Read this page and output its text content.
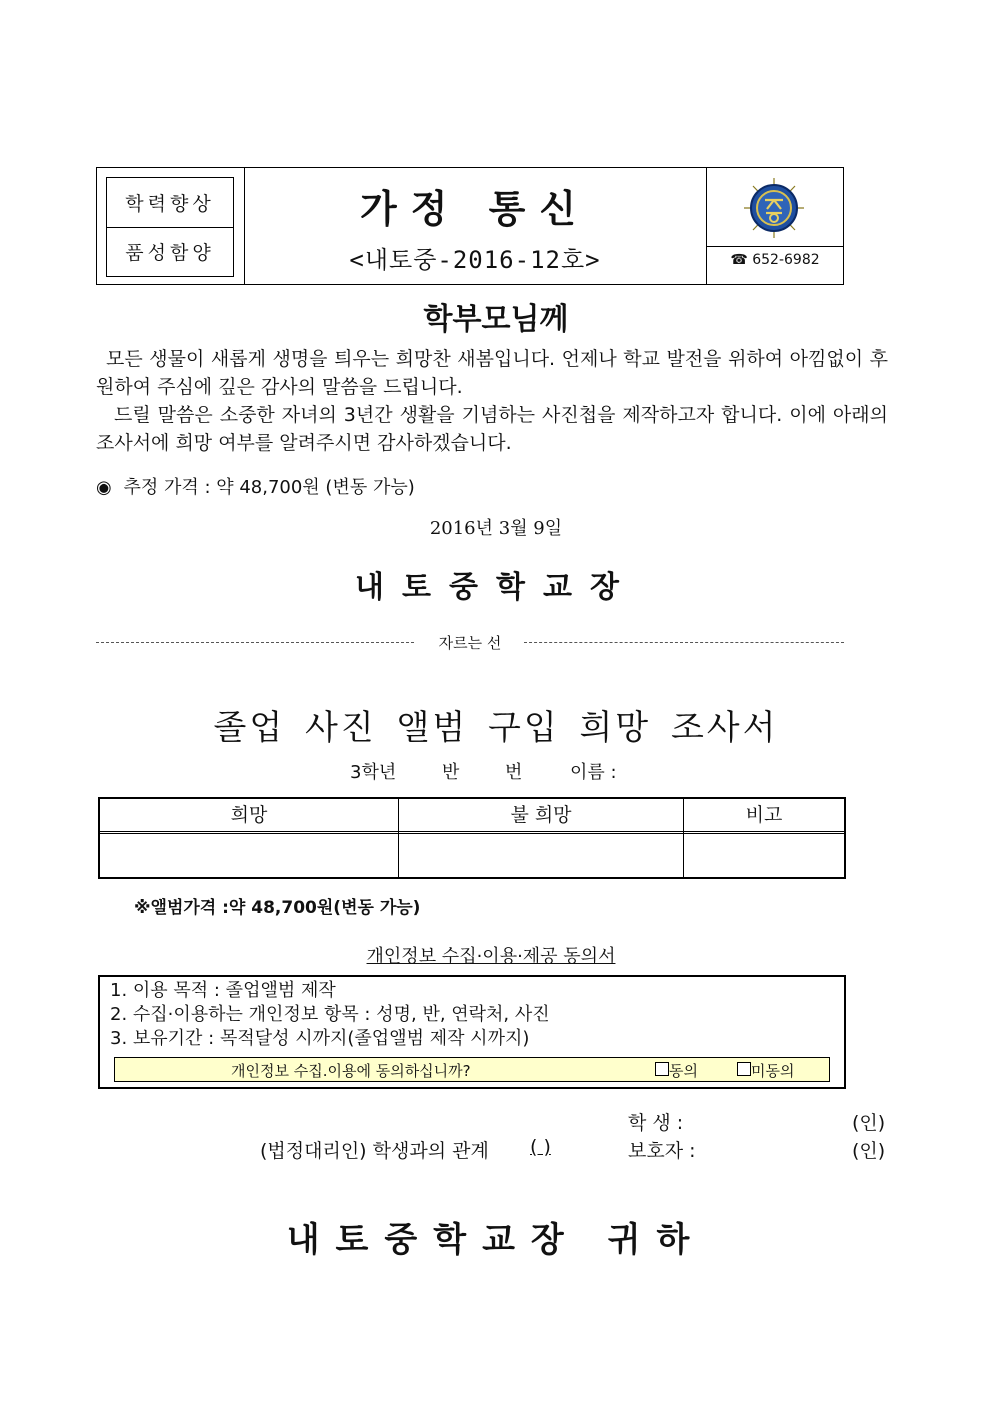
학력향상
품성함양
가정 통신
<내토중-2016-12호>	☎ 652-6982
학부모님께
모든 생물이 새롭게 생명을 틔우는 희망찬 새봄입니다. 언제나 학교 발전을 위하여 아낌없이 후원하여 주심에 깊은 감사의 말씀을 드립니다.
드릴 말씀은 소중한 자녀의 3년간 생활을 기념하는 사진첩을 제작하고자 합니다. 이에 아래의 조사서에 희망 여부를 알려주시면 감사하겠습니다.
◉ 추정 가격 : 약 48,700원 (변동 가능)
2016년 3월 9일
내토중학교장
자르는 선
졸업 사진 앨범 구입 희망 조사서
3학년	반	번	이름 :
희망	불 희망	비고
※앨범가격 :약 48,700원(변동 가능)
개인정보 수집·이용·제공 동의서
1. 이용 목적 : 졸업앨범 제작
2. 수집·이용하는 개인정보 항목 : 성명, 반, 연락처, 사진
3. 보유기간 : 목적달성 시까지(졸업앨범 제작 시까지)
개인정보 수집.이용에 동의하십니까?	동의	미동의
학 생 :	(인)
(법정대리인) 학생과의 관계 ( )	보호자 :	(인)
내토중학교장 귀하
